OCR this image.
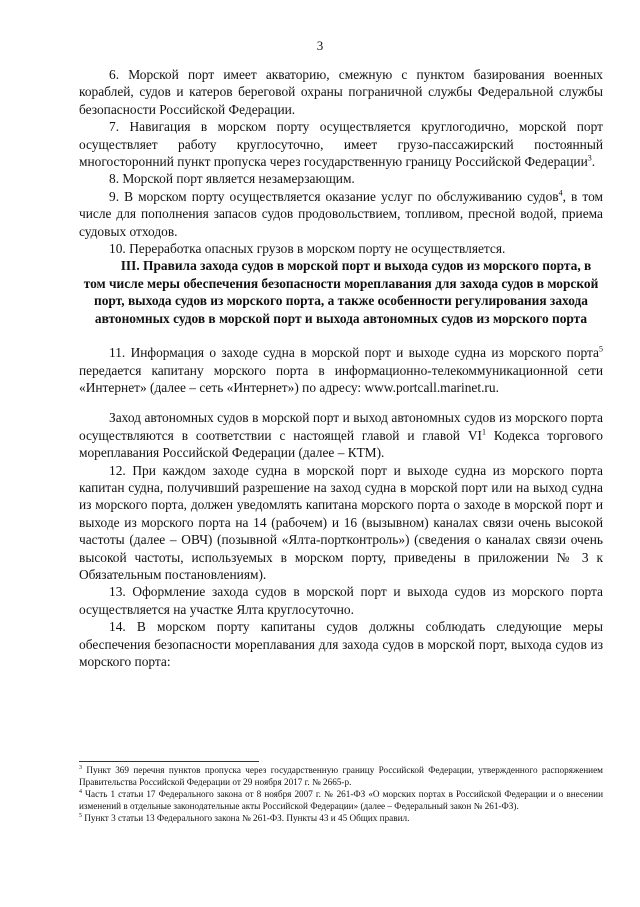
3

6. Морской порт имеет акваторию, смежную с пунктом базирования военных кораблей, судов и катеров береговой охраны пограничной службы Федеральной службы безопасности Российской Федерации.

7. Навигация в морском порту осуществляется круглогодично, морской порт осуществляет работу круглосуточно, имеет грузо-пассажирский постоянный многосторонний пункт пропуска через государственную границу Российской Федерации$^3$.

8. Морской порт является незамерзающим.

9. В морском порту осуществляется оказание услуг по обслуживанию судов$^4$, в том числе для пополнения запасов судов продовольствием, топливом, пресной водой, приема судовых отходов.

10. Переработка опасных грузов в морском порту не осуществляется.

III. Правила захода судов в морской порт и выхода судов из морского порта, в том числе меры обеспечения безопасности мореплавания для захода судов в морской порт, выхода судов из морского порта, а также особенности регулирования захода автономных судов в морской порт и выхода автономных судов из морского порта

11. Информация о заходе судна в морской порт и выходе судна из морского порта$^5$ передается капитану морского порта в информационно-телекоммуникационной сети «Интернет» (далее – сеть «Интернет») по адресу: www.portcall.marinet.ru.

Заход автономных судов в морской порт и выход автономных судов из морского порта осуществляются в соответствии с настоящей главой и главой $VI^1$ Кодекса торгового мореплавания Российской Федерации (далее – КТМ).

12. При каждом заходе судна в морской порт и выходе судна из морского порта капитан судна, получивший разрешение на заход судна в морской порт или на выход судна из морского порта, должен уведомлять капитана морского порта о заходе в морской порт и выходе из морского порта на 14 (рабочем) и 16 (вызывном) каналах связи очень высокой частоты (далее – ОВЧ) (позывной «Ялта-портконтроль») (сведения о каналах связи очень высокой частоты, используемых в морском порту, приведены в приложении № 3 к Обязательным постановлениям).

13. Оформление захода судов в морской порт и выхода судов из морского порта осуществляется на участке Ялта круглосуточно.

14. В морском порту капитаны судов должны соблюдать следующие меры обеспечения безопасности мореплавания для захода судов в морской порт, выхода судов из морского порта:

$^3$ Пункт 369 перечня пунктов пропуска через государственную границу Российской Федерации, утвержденного распоряжением Правительства Российской Федерации от 29 ноября 2017 г. № 2665-р.

$^4$ Часть 1 статьи 17 Федерального закона от 8 ноября 2007 г. № 261-ФЗ «О морских портах в Российской Федерации и о внесении изменений в отдельные законодательные акты Российской Федерации» (далее – Федеральный закон № 261-ФЗ).

$^5$ Пункт 3 статьи 13 Федерального закона № 261-ФЗ. Пункты 43 и 45 Общих правил.
